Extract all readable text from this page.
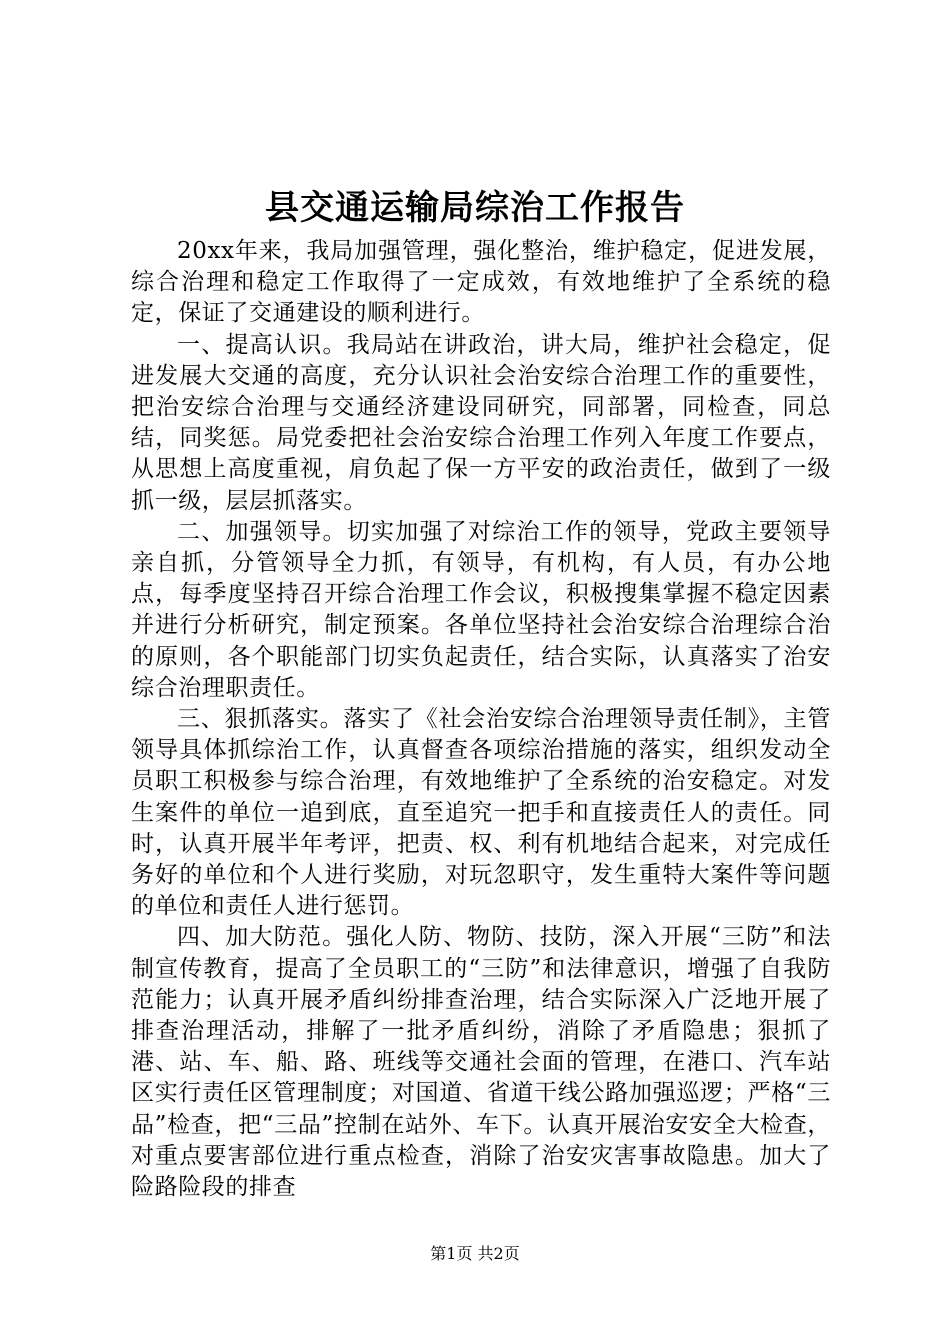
县交通运输局综治工作报告

20xx年来，我局加强管理，强化整治，维护稳定，促进发展，综合治理和稳定工作取得了一定成效，有效地维护了全系统的稳定，保证了交通建设的顺利进行。

一、提高认识。我局站在讲政治，讲大局，维护社会稳定，促进发展大交通的高度，充分认识社会治安综合治理工作的重要性，把治安综合治理与交通经济建设同研究，同部署，同检查，同总结，同奖惩。局党委把社会治安综合治理工作列入年度工作要点，从思想上高度重视，肩负起了保一方平安的政治责任，做到了一级抓一级，层层抓落实。

二、加强领导。切实加强了对综治工作的领导，党政主要领导亲自抓，分管领导全力抓，有领导，有机构，有人员，有办公地点，每季度坚持召开综合治理工作会议，积极搜集掌握不稳定因素并进行分析研究，制定预案。各单位坚持社会治安综合治理综合治的原则，各个职能部门切实负起责任，结合实际，认真落实了治安综合治理职责任。

三、狠抓落实。落实了《社会治安综合治理领导责任制》，主管领导具体抓综治工作，认真督查各项综治措施的落实，组织发动全员职工积极参与综合治理，有效地维护了全系统的治安稳定。对发生案件的单位一追到底，直至追究一把手和直接责任人的责任。同时，认真开展半年考评，把责、权、利有机地结合起来，对完成任务好的单位和个人进行奖励，对玩忽职守，发生重特大案件等问题的单位和责任人进行惩罚。

四、加大防范。强化人防、物防、技防，深入开展“三防”和法制宣传教育，提高了全员职工的“三防”和法律意识，增强了自我防范能力；认真开展矛盾纠纷排查治理，结合实际深入广泛地开展了排查治理活动，排解了一批矛盾纠纷，消除了矛盾隐患；狠抓了港、站、车、船、路、班线等交通社会面的管理，在港口、汽车站区实行责任区管理制度；对国道、省道干线公路加强巡逻；严格“三品”检查，把“三品”控制在站外、车下。认真开展治安安全大检查，对重点要害部位进行重点检查，消除了治安灾害事故隐患。加大了险路险段的排查

第1页 共2页
